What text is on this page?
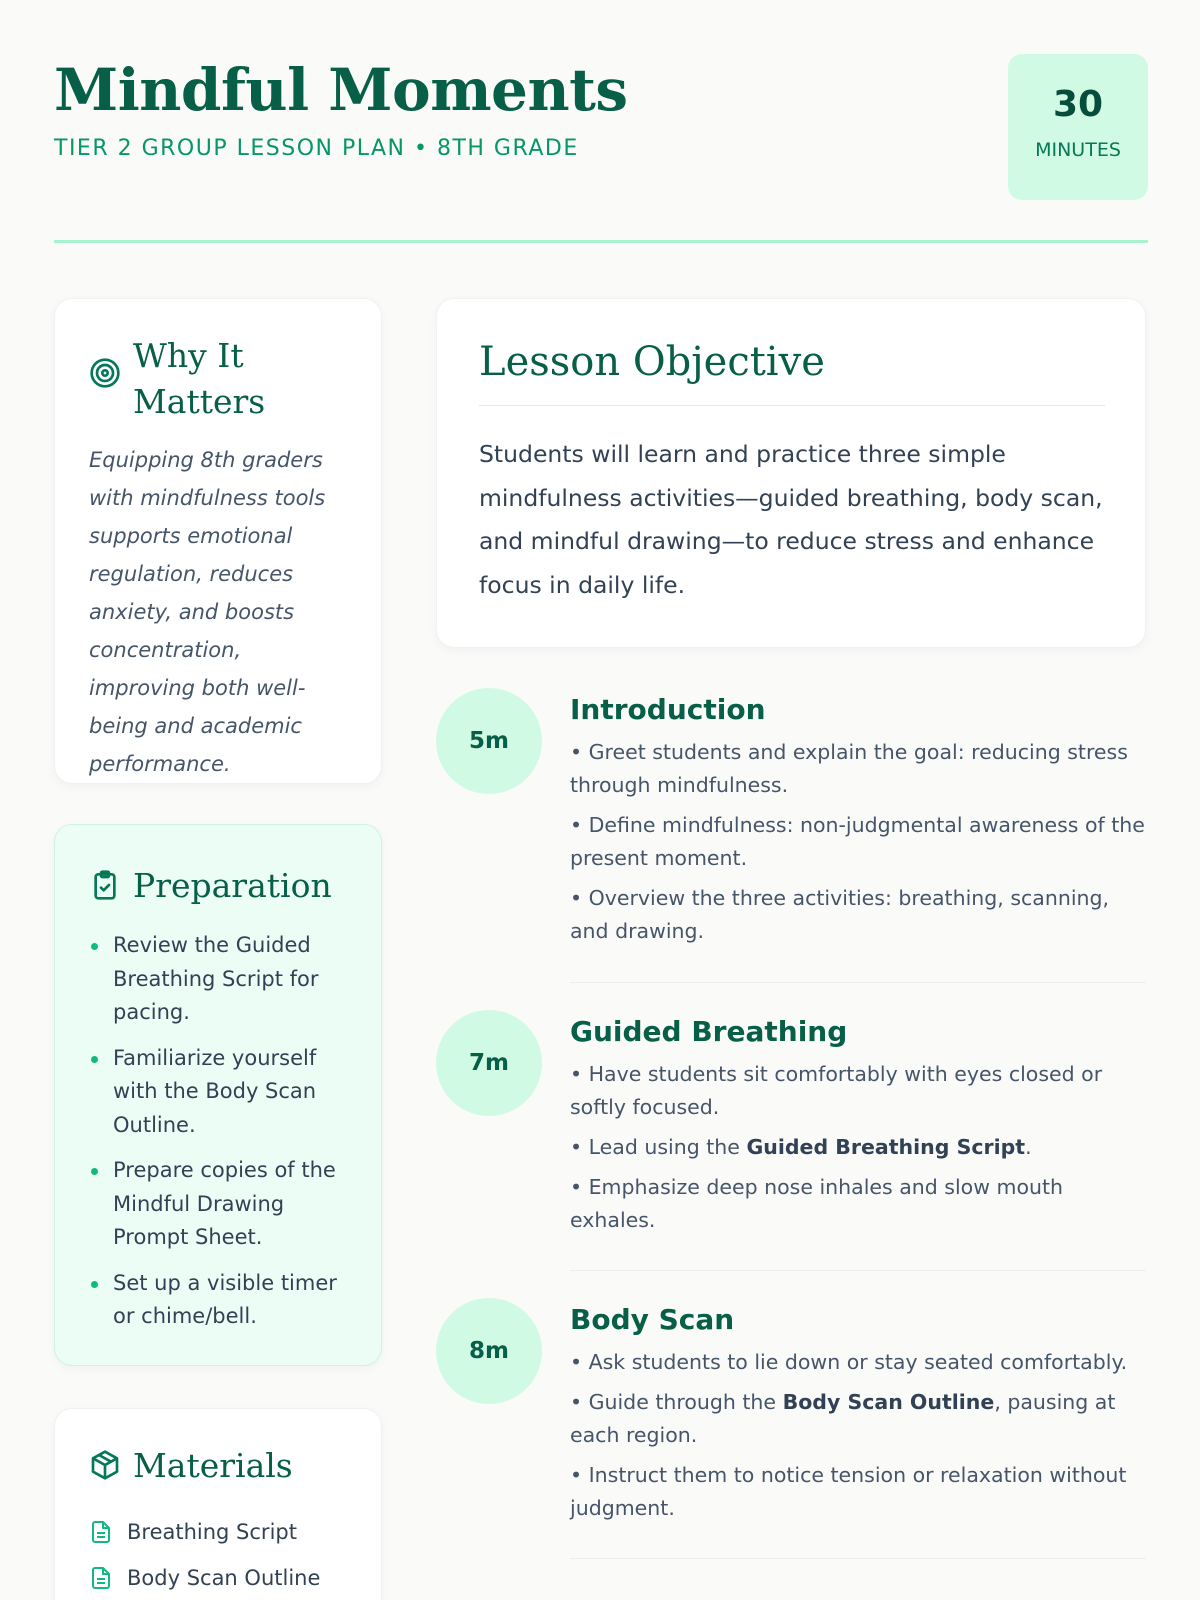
Mindful Moments
TIER 2 GROUP LESSON PLAN • 8TH GRADE
30
MINUTES
Why It
Matters

Equipping 8th graders with mindfulness tools supports emotional regulation, reduces anxiety, and boosts concentration, improving both well-being and academic performance.

Preparation
Review the Guided Breathing Script for pacing.
Familiarize yourself with the Body Scan Outline.
Prepare copies of the Mindful Drawing Prompt Sheet.
Set up a visible timer or chime/bell.
Materials
Breathing Script
Body Scan Outline
Lesson Objective

Students will learn and practice three simple mindfulness activities—guided breathing, body scan, and mindful drawing—to reduce stress and enhance focus in daily life.

5m
Introduction
• Greet students and explain the goal: reducing stress through mindfulness.
• Define mindfulness: non-judgmental awareness of the present moment.
• Overview the three activities: breathing, scanning, and drawing.
7m
Guided Breathing
• Have students sit comfortably with eyes closed or softly focused.
• Lead using the Guided Breathing Script.
• Emphasize deep nose inhales and slow mouth exhales.
8m
Body Scan
• Ask students to lie down or stay seated comfortably.
• Guide through the Body Scan Outline, pausing at each region.
• Instruct them to notice tension or relaxation without judgment.
